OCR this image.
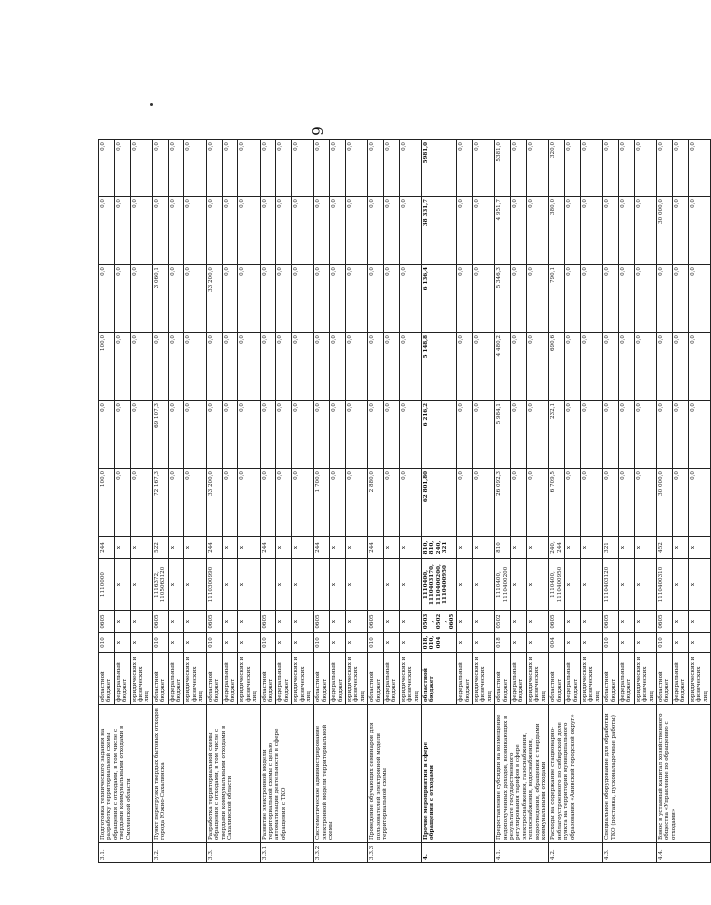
6
3.1.	Подготовка технического задания на разработку территориальной схемы обращения с отходами, в том числе с твердыми коммунальными отходами в Смоленской области	областной бюджет	010	0605	1110000	244	100,0	0,0	100,0	0,0	0,0	0,0
		федеральный бюджет	x	x	x	x	0,0	0,0	0,0	0,0	0,0	0,0
		юридических и физических лиц	x	x	x	x	0,0	0,0	0,0	0,0	0,0	0,0
3.2.	Пункт перегрузки твердых бытовых отходов города Южно-Сахалинска	областной бюджет	010	0605	1116372, 1105063120	522	72 167,3	69 107,3	0,0	3 060,1	0,0	0,0
		федеральный бюджет	x	x	x	x	0,0	0,0	0,0	0,0	0,0	0,0
		юридических и физических лиц	x	x	x	x	0,0	0,0	0,0	0,0	0,0	0,0
3.3.	Разработка территориальной схемы обращения с отходами, в том числе с твердыми коммунальными отходами в Сахалинской области	областной бюджет	010	0605	1110300990	244	33 200,0	0,0	0,0	33 200,0	0,0	0,0
		федеральный бюджет	x	x	x	x	0,0	0,0	0,0	0,0	0,0	0,0
		юридических и физических лиц	x	x	x	x	0,0	0,0	0,0	0,0	0,0	0,0
3.3.1	Развитие электронной модели территориальной схемы с целью автоматизации деятельности в сфере обращения с ТКО	областной бюджет	010	0605		244	0,0	0,0	0,0	0,0	0,0	0,0
		федеральный бюджет	x	x	x	x	0,0	0,0	0,0	0,0	0,0	0,0
		юридических и физических лиц	x	x	x	x	0,0	0,0	0,0	0,0	0,0	0,0
3.3.2	Систематическое администрирование электронной модели территориальной схемы	областной бюджет	010	0605		244	1 700,0	0,0	0,0	0,0	0,0	0,0
		федеральный бюджет	x	x	x	x	0,0	0,0	0,0	0,0	0,0	0,0
		юридических и физических лиц	x	x	x	x	0,0	0,0	0,0	0,0	0,0	0,0
3.3.3	Проведение обучающих семинаров для пользователей электронной модели территориальной схемы	областной бюджет	010	0605		244	2 880,0	0,0	0,0	0,0	0,0	0,0
		федеральный бюджет	x	x	x	x	0,0	0,0	0,0	0,0	0,0	0,0
		юридических и физических лиц	x	x	x	x	0,0	0,0	0,0	0,0	0,0	0,0
4.	Прочие мероприятия в сфере обращения с отходами	областной бюджет	018, 010, 004	0503, 0502, 0605	1110400, 1110403170, 1110400200, 1110400950	810, 810, 240, 321	62 801,80	6 216,2	5 148,8	6 136,4	38 331,7	5981,0
		федеральный бюджет	x	x	x	x	0,0	0,0	0,0	0,0	0,0	0,0
		юридических и физических лиц	x	x	x	x	0,0	0,0	0,0	0,0	0,0	0,0
4.1.	Предоставление субсидии на возмещение недополученных доходов, возникающих в результате государственного регулирования тарифов в сфере электроснабжения, газоснабжения, теплоснабжения, водоснабжения, водоотведения, обращения с твердыми коммунальными отходами	областной бюджет	018	0502	1110400, 1110400200	810	26 092,3	5 984,1	4 480,2	5 346,3	4 951,7	5381,0
		федеральный бюджет	x	x	x	x	0,0	0,0	0,0	0,0	0,0	0,0
		юридических и физических лиц	x	x	x	x	0,0	0,0	0,0	0,0	0,0	0,0
4.2.	Расходы на содержание стационарно-неблагоустроенного по сибирской доле пункта на территории муниципального образования «Анивский городской округ»	областной бюджет	004	0605	1110400, 1110400950	240, 244	6 709,5	232,1	690,6	790,1	380,0	320,0
		федеральный бюджет	x	x	x	x	0,0	0,0	0,0	0,0	0,0	0,0
		юридических и физических лиц	x	x	x	x	0,0	0,0	0,0	0,0	0,0	0,0
4.3.	Специальное оборудование для обработки ТКО (поставка, пусконаладочные работы)	областной бюджет	010	0605	1110403120	321	0,0	0,0	0,0	0,0	0,0	0,0
		федеральный бюджет	x	x	x	x	0,0	0,0	0,0	0,0	0,0	0,0
		юридических и физических лиц	x	x	x	x	0,0	0,0	0,0	0,0	0,0	0,0
4.4.	Взнос в уставный капитал хозяйственного общества «Управление по обращению с отходами»	областной бюджет	010	0605	1110400310	452	30 000,0	0,0	0,0	0,0	30 000,0	0,0
		федеральный бюджет	x	x	x	x	0,0	0,0	0,0	0,0	0,0	0,0
		юридических и физических лиц	x	x	x	x	0,0	0,0	0,0	0,0	0,0	0,0
